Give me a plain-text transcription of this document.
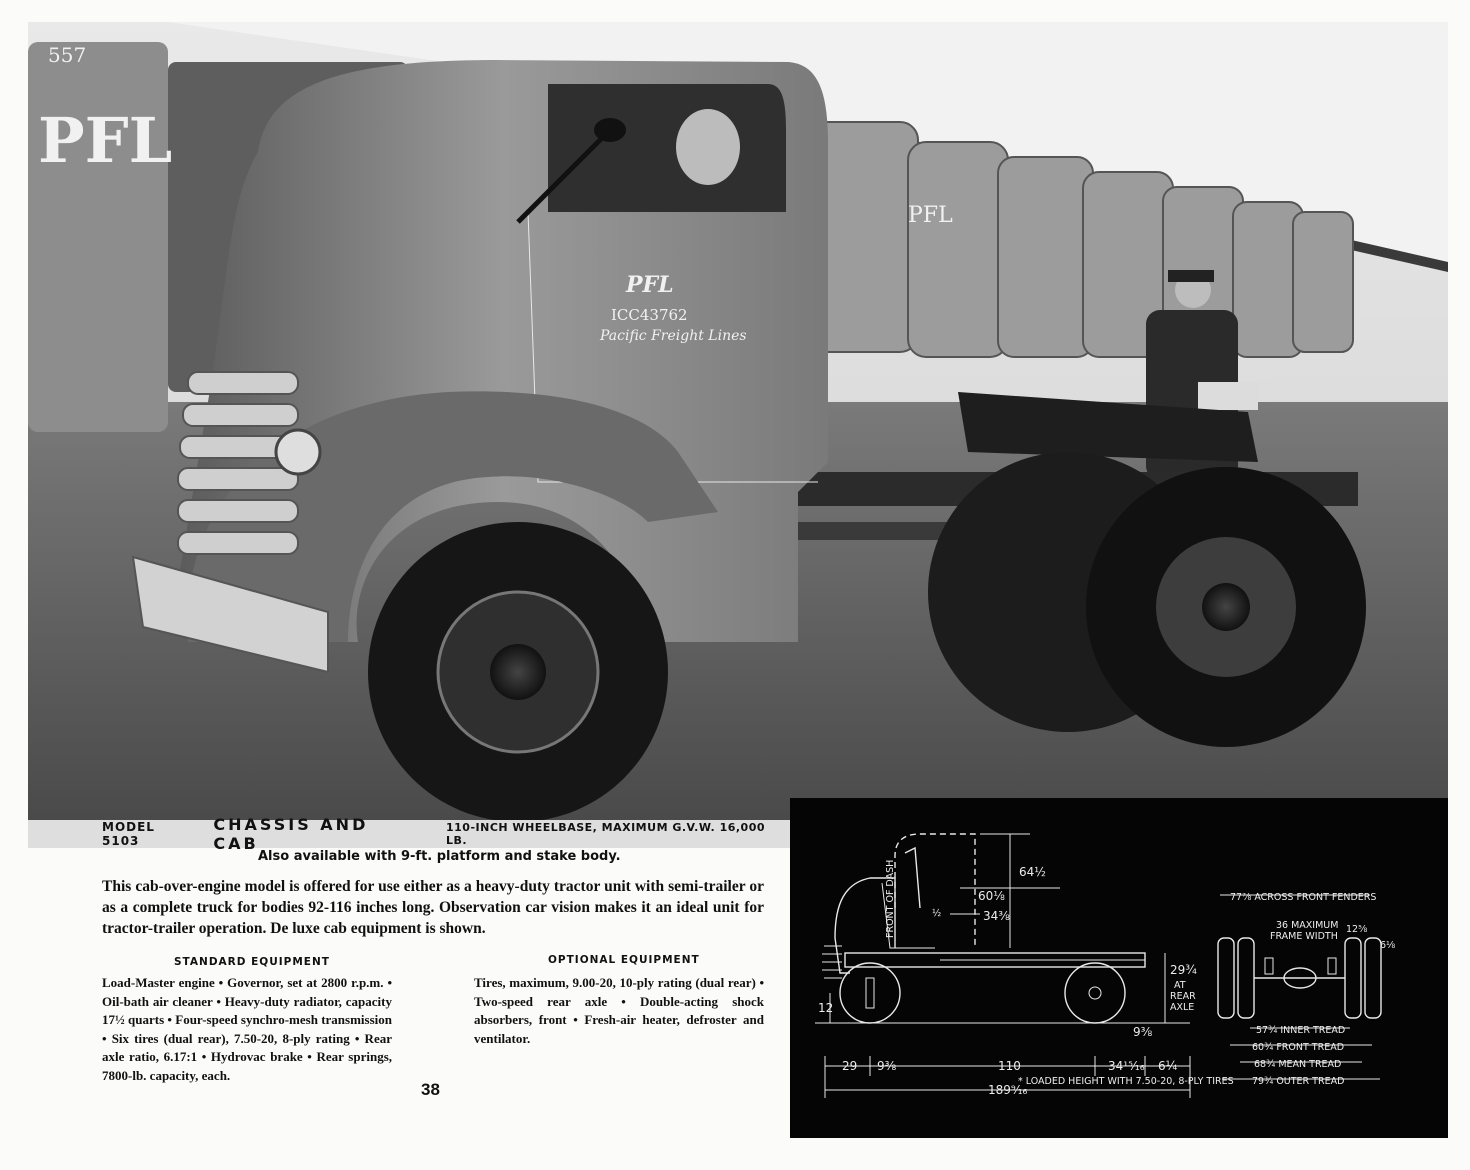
557
PFL
PFL
PFL
ICC43762
Pacific Freight Lines
MODEL 5103
CHASSIS AND CAB
110-INCH WHEELBASE, MAXIMUM G.V.W. 16,000 LB.
Also available with 9-ft. platform and stake body.
This cab-over-engine model is offered for use either as a heavy-duty tractor unit with semi-trailer or as a complete truck for bodies 92-116 inches long. Observation car vision makes it an ideal unit for tractor-trailer operation. De luxe cab equipment is shown.
STANDARD EQUIPMENT
Load-Master engine • Governor, set at 2800 r.p.m. • Oil-bath air cleaner • Heavy-duty radiator, capacity 17½ quarts • Four-speed synchro-mesh transmission • Six tires (dual rear), 7.50-20, 8-ply rating • Rear axle ratio, 6.17:1 • Hydrovac brake • Rear springs, 7800-lb. capacity, each.
OPTIONAL EQUIPMENT
Tires, maximum, 9.00-20, 10-ply rating (dual rear) • Two-speed rear axle • Double-acting shock absorbers, front • Fresh-air heater, defroster and ventilator.
38
FRONT OF DASH	64½
60⅛
34⅜
½
12
29¾
AT
REAR
AXLE
9⅜
29 9⅜	110	34¹⁵⁄₁₆ 6¼
189⁹⁄₁₆
77⅞ ACROSS FRONT FENDERS
36 MAXIMUM
FRAME WIDTH
12⅝
6⅛
57¾ INNER TREAD
60¾ FRONT TREAD
68¾ MEAN TREAD
79¾ OUTER TREAD
* LOADED HEIGHT WITH 7.50-20, 8-PLY TIRES
